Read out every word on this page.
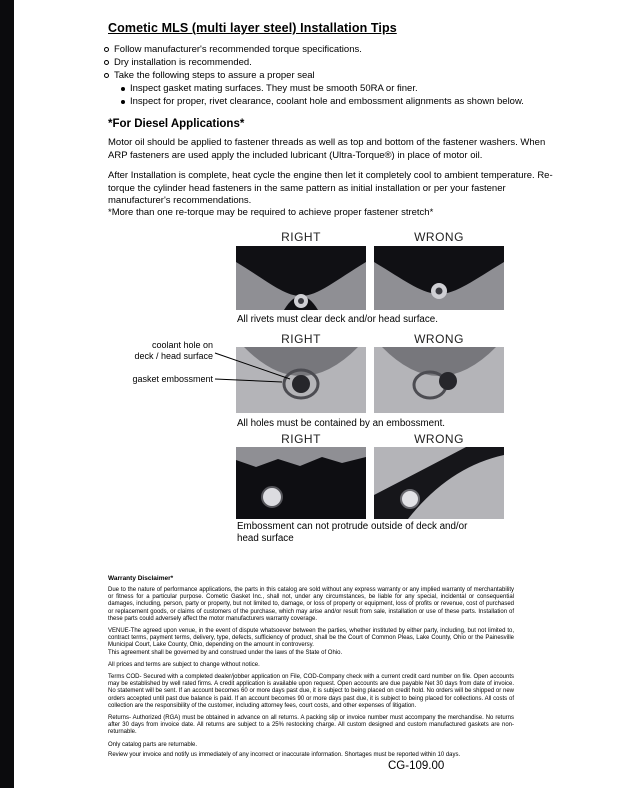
Cometic MLS (multi layer steel) Installation Tips
Follow manufacturer's recommended torque specifications.
Dry installation is recommended.
Take the following steps to assure a proper seal
Inspect gasket mating surfaces. They must be smooth 50RA or finer.
Inspect for proper, rivet clearance, coolant hole and embossment alignments as shown below.
*For Diesel Applications*

Motor oil should be applied to fastener threads as well as top and bottom of the fastener washers. When ARP fasteners are used apply the included lubricant (Ultra-Torque®) in place of motor oil.

After Installation is complete, heat cycle the engine then let it completely cool to ambient temperature. Re-torque the cylinder head fasteners in the same pattern as initial installation or per your fastener manufacturer's recommendations.

*More than one re-torque may be required to achieve proper fastener stretch*

RIGHT	WRONG
All rivets must clear deck and/or head surface.
RIGHT	WRONG
coolant hole on
deck / head surface
gasket embossment
All holes must be contained by an embossment.
RIGHT	WRONG
Embossment can not protrude outside of deck and/or head surface
Warranty Disclaimer*
Due to the nature of performance applications, the parts in this catalog are sold without any express warranty or any implied warranty of merchantability or fitness for a particular purpose. Cometic Gasket Inc., shall not, under any circumstances, be liable for any special, incidental or consequential damages, including, person, party or property, but not limited to, damage, or loss of property or equipment, loss of profits or revenue, cost of purchased or replacement goods, or claims of customers of the purchase, which may arise and/or result from sale, installation or use of these parts. Installation of these parts could adversely affect the motor manufacturers warranty coverage.
VENUE-The agreed upon venue, in the event of dispute whatsoever between the parties, whether instituted by either party, including, but not limited to, contract terms, payment terms, delivery, type, defects, sufficiency of product, shall be the Court of Common Pleas, Lake County, Ohio or the Painesville Municipal Court, Lake County, Ohio, depending on the amount in controversy.
This agreement shall be governed by and construed under the laws of the State of Ohio.
All prices and terms are subject to change without notice.
Terms COD- Secured with a completed dealer/jobber application on File, COD-Company check with a current credit card number on file. Open accounts may be established by well rated firms. A credit application is available upon request. Open accounts are due payable Net 30 days from date of invoice. No statement will be sent. If an account becomes 60 or more days past due, it is subject to being placed on credit hold. No orders will be shipped or new orders accepted until past due balance is paid. If an account becomes 90 or more days past due, it is subject to being placed for collections. All costs of collection are the responsibility of the customer, including attorney fees, court costs, and other expenses of litigation.
Returns- Authorized (RGA) must be obtained in advance on all returns. A packing slip or invoice number must accompany the merchandise. No returns after 30 days from invoice date. All returns are subject to a 25% restocking charge. All custom designed and custom manufactured gaskets are non-returnable.
Only catalog parts are returnable.
Review your invoice and notify us immediately of any incorrect or inaccurate information. Shortages must be reported within 10 days.
CG-109.00
